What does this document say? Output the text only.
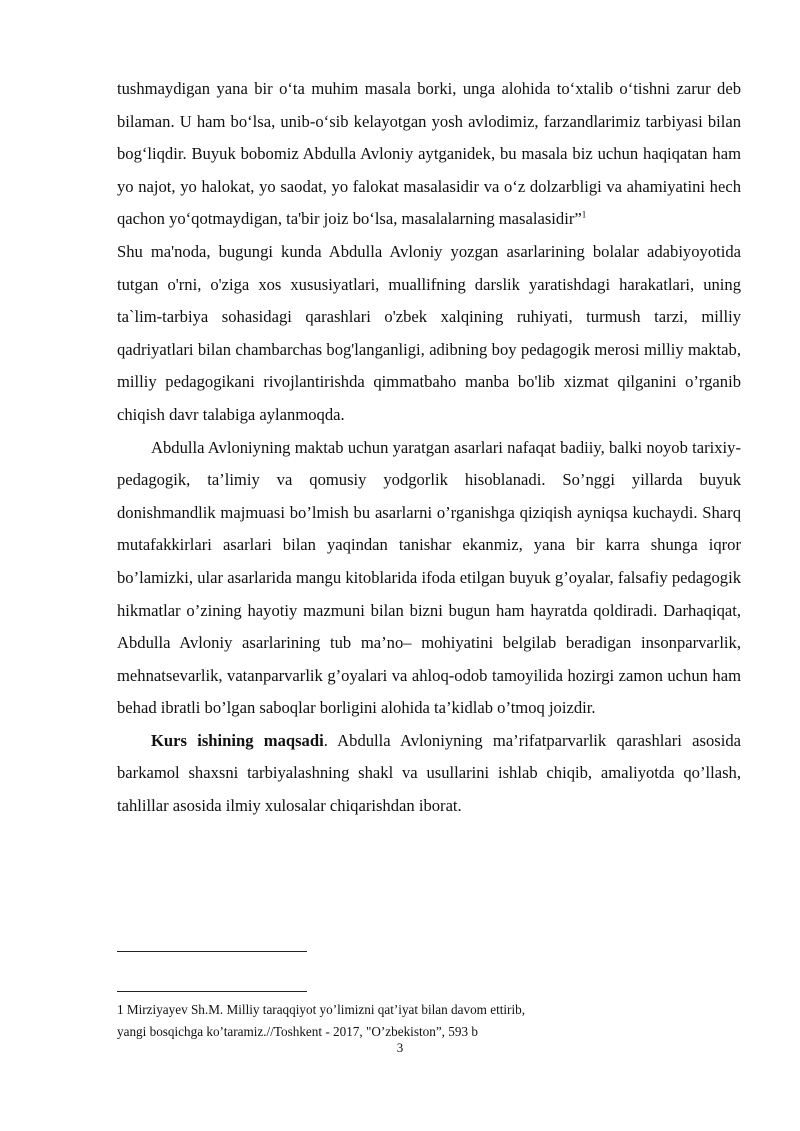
tushmaydigan yana bir o‘ta muhim masala borki, unga alohida to‘xtalib o‘tishni zarur deb bilaman. U ham bo‘lsa, unib-o‘sib kelayotgan yosh avlodimiz, farzandlarimiz tarbiyasi bilan bog‘liqdir. Buyuk bobomiz Abdulla Avloniy aytganidek, bu masala biz uchun haqiqatan ham yo najot, yo halokat, yo saodat, yo falokat masalasidir va o‘z dolzarbligi va ahamiyatini hech qachon yo‘qotmaydigan, ta'bir joiz bo‘lsa, masalalarning masalasidir”$^1$

Shu ma'noda, bugungi kunda Abdulla Avloniy yozgan asarlarining bolalar adabiyoyotida tutgan o'rni, o'ziga xos xususiyatlari, muallifning darslik yaratishdagi harakatlari, uning ta`lim-tarbiya sohasidagi qarashlari o'zbek xalqining ruhiyati, turmush tarzi, milliy qadriyatlari bilan chambarchas bog'langanligi, adibning boy pedagogik merosi milliy maktab, milliy pedagogikani rivojlantirishda qimmatbaho manba bo'lib xizmat qilganini o’rganib chiqish davr talabiga aylanmoqda.

Abdulla Avloniyning maktab uchun yaratgan asarlari nafaqat badiiy, balki noyob tarixiy- pedagogik, ta’limiy va qomusiy yodgorlik hisoblanadi. So’nggi yillarda buyuk donishmandlik majmuasi bo’lmish bu asarlarni o’rganishga qiziqish ayniqsa kuchaydi. Sharq mutafakkirlari asarlari bilan yaqindan tanishar ekanmiz, yana bir karra shunga iqror bo’lamizki, ular asarlarida mangu kitoblarida ifoda etilgan buyuk g’oyalar, falsafiy pedagogik hikmatlar o’zining hayotiy mazmuni bilan bizni bugun ham hayratda qoldiradi. Darhaqiqat, Abdulla Avloniy asarlarining tub ma’no– mohiyatini belgilab beradigan insonparvarlik, mehnatsevarlik, vatanparvarlik g’oyalari va ahloq-odob tamoyilida hozirgi zamon uchun ham behad ibratli bo’lgan saboqlar borligini alohida ta’kidlab o’tmoq joizdir.

Kurs ishining maqsadi. Abdulla Avloniyning ma’rifatparvarlik qarashlari asosida barkamol shaxsni tarbiyalashning shakl va usullarini ishlab chiqib, amaliyotda qo’llash, tahlillar asosida ilmiy xulosalar chiqarishdan iborat.

1 Mirziyayev Sh.M. Milliy taraqqiyot yo’limizni qat’iyat bilan davom ettirib,

yangi bosqichga ko’taramiz.//Toshkent - 2017, "O’zbekiston”, 593 b

3
